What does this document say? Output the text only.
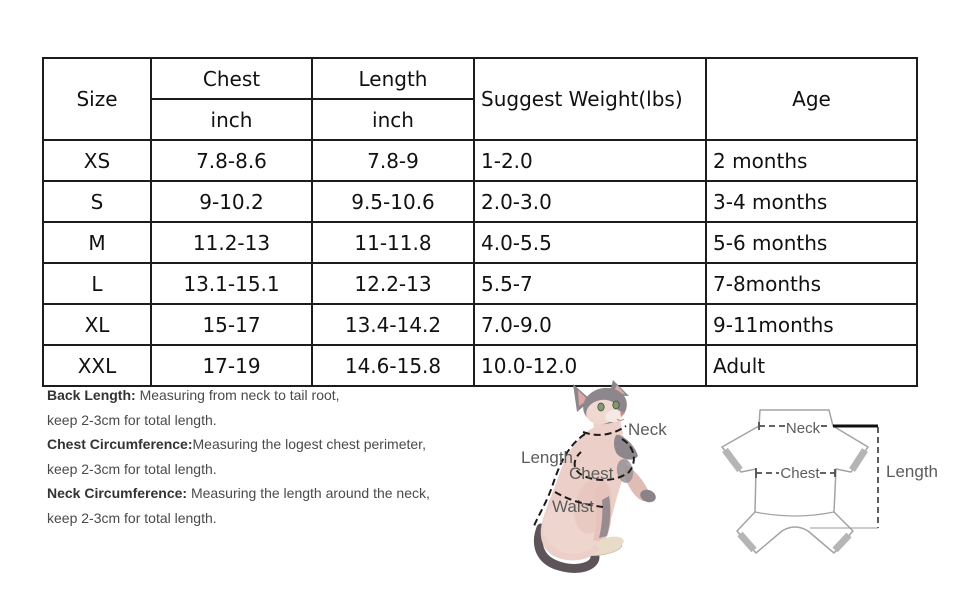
Size	Chest	Length	Suggest Weight(lbs)	Age
	inch	inch		
XS	7.8-8.6	7.8-9	1-2.0	2 months
S	9-10.2	9.5-10.6	2.0-3.0	3-4 months
M	11.2-13	11-11.8	4.0-5.5	5-6 months
L	13.1-15.1	12.2-13	5.5-7	7-8months
XL	15-17	13.4-14.2	7.0-9.0	9-11months
XXL	17-19	14.6-15.8	10.0-12.0	Adult
Back Length: Measuring from neck to tail root,
keep 2-3cm for total length.
Chest Circumference:Measuring the logest chest perimeter,
keep 2-3cm for total length.
Neck Circumference: Measuring the length around the neck,
keep 2-3cm for total length.
Neck
Length
Chest
Waist
Neck
Chest	Length
